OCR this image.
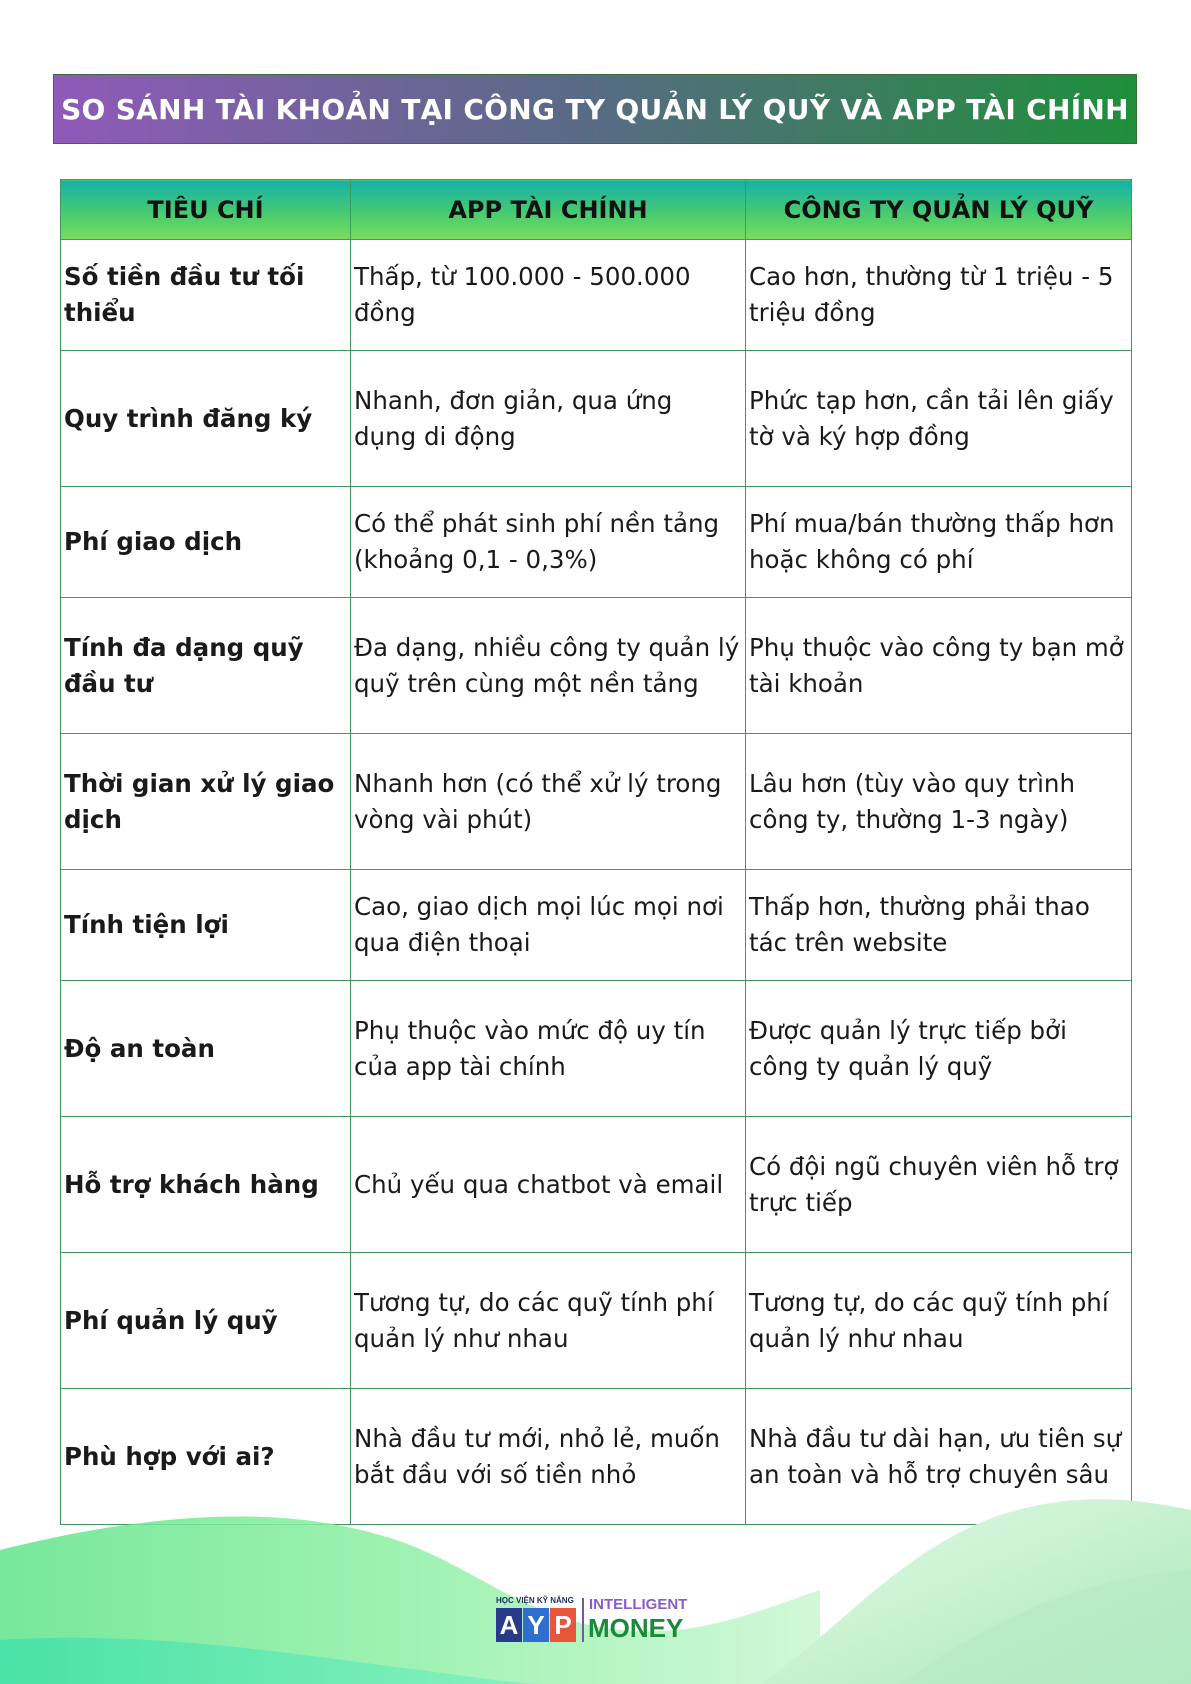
SO SÁNH TÀI KHOẢN TẠI CÔNG TY QUẢN LÝ QUỸ VÀ APP TÀI CHÍNH
TIÊU CHÍ	APP TÀI CHÍNH	CÔNG TY QUẢN LÝ QUỸ
Số tiền đầu tư tối thiểu	Thấp, từ 100.000 - 500.000 đồng	Cao hơn, thường từ 1 triệu - 5 triệu đồng
Quy trình đăng ký	Nhanh, đơn giản, qua ứng dụng di động	Phức tạp hơn, cần tải lên giấy tờ và ký hợp đồng
Phí giao dịch	Có thể phát sinh phí nền tảng (khoảng 0,1 - 0,3%)	Phí mua/bán thường thấp hơn hoặc không có phí
Tính đa dạng quỹ đầu tư	Đa dạng, nhiều công ty quản lý quỹ trên cùng một nền tảng	Phụ thuộc vào công ty bạn mở tài khoản
Thời gian xử lý giao dịch	Nhanh hơn (có thể xử lý trong vòng vài phút)	Lâu hơn (tùy vào quy trình công ty, thường 1-3 ngày)
Tính tiện lợi	Cao, giao dịch mọi lúc mọi nơi qua điện thoại	Thấp hơn, thường phải thao tác trên website
Độ an toàn	Phụ thuộc vào mức độ uy tín của app tài chính	Được quản lý trực tiếp bởi công ty quản lý quỹ
Hỗ trợ khách hàng	Chủ yếu qua chatbot và email	Có đội ngũ chuyên viên hỗ trợ trực tiếp
Phí quản lý quỹ	Tương tự, do các quỹ tính phí quản lý như nhau	Tương tự, do các quỹ tính phí quản lý như nhau
Phù hợp với ai?	Nhà đầu tư mới, nhỏ lẻ, muốn bắt đầu với số tiền nhỏ	Nhà đầu tư dài hạn, ưu tiên sự an toàn và hỗ trợ chuyên sâu
HỌC VIỆN KỸ NĂNG
A Y P
INTELLIGENT
MONEY
